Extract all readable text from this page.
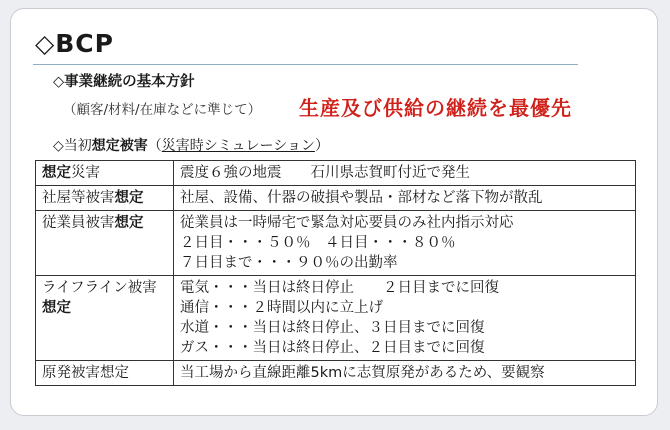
◇BCP
◇事業継続の基本方針
（顧客/材料/在庫などに準じて） 生産及び供給の継続を最優先
◇当初想定被害（災害時シミュレーション）
想定災害	震度６強の地震　　石川県志賀町付近で発生

社屋等被害想定	社屋、設備、什器の破損や製品・部材など落下物が散乱

従業員被害想定	従業員は一時帰宅で緊急対応要員のみ社内指示対応
２日目・・・５０％　４日目・・・８０％
７日目まで・・・９０％の出勤率

ライフライン被害想定	電気・・・当日は終日停止　　２日目までに回復
通信・・・２時間以内に立上げ
水道・・・当日は終日停止、３日目までに回復
ガス・・・当日は終日停止、２日目までに回復

原発被害想定	当工場から直線距離5kmに志賀原発があるため、要観察
